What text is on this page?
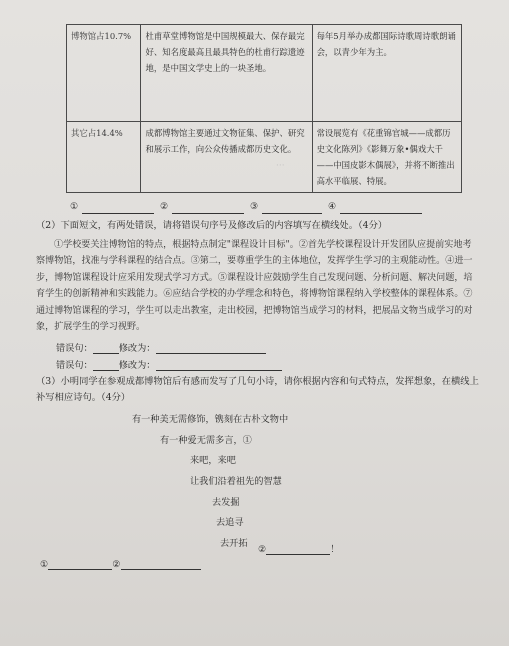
···
博物馆占10.7%	杜甫草堂博物馆是中国规模最大、保存最完好、知名度最高且最具特色的杜甫行踪遗迹地，是中国文学史上的一块圣地。	每年5月举办成都国际诗歌周诗歌朗诵会，以青少年为主。
其它占14.4%	成都博物馆主要通过文物征集、保护、研究和展示工作，向公众传播成都历史文化。	常设展览有《花重锦官城——成都历史文化陈列》《影舞万象•偶戏大千——中国皮影木偶展》，并将不断推出高水平临展、特展。
①	②	③	④
（2）下面短文，有两处错误，请将错误句序号及修改后的内容填写在横线处。（4分）
①学校要关注博物馆的特点，根据特点制定"课程设计目标"。②首先学校课程设计开发团队应提前实地考察博物馆，找准与学科课程的结合点。③第二，要尊重学生的主体地位，发挥学生学习的主观能动性。④进一步，博物馆课程设计应采用发现式学习方式。⑤课程设计应鼓励学生自己发现问题、分析问题、解决问题，培育学生的创新精神和实践能力。⑥应结合学校的办学理念和特色，将博物馆课程纳入学校整体的课程体系。⑦通过博物馆课程的学习，学生可以走出教室，走出校园，把博物馆当成学习的材料，把展品文物当成学习的对象，扩展学生的学习视野。
错误句：	修改为：
错误句：	修改为：
（3）小明同学在参观成都博物馆后有感而发写了几句小诗，请你根据内容和句式特点，发挥想象，在横线上补写相应诗句。（4分）
有一种美无需修饰，镌刻在古朴文物中
有一种爱无需多言，①
来吧，来吧
让我们沿着祖先的智慧
去发掘
去追寻
去开拓
②	！
①	②
